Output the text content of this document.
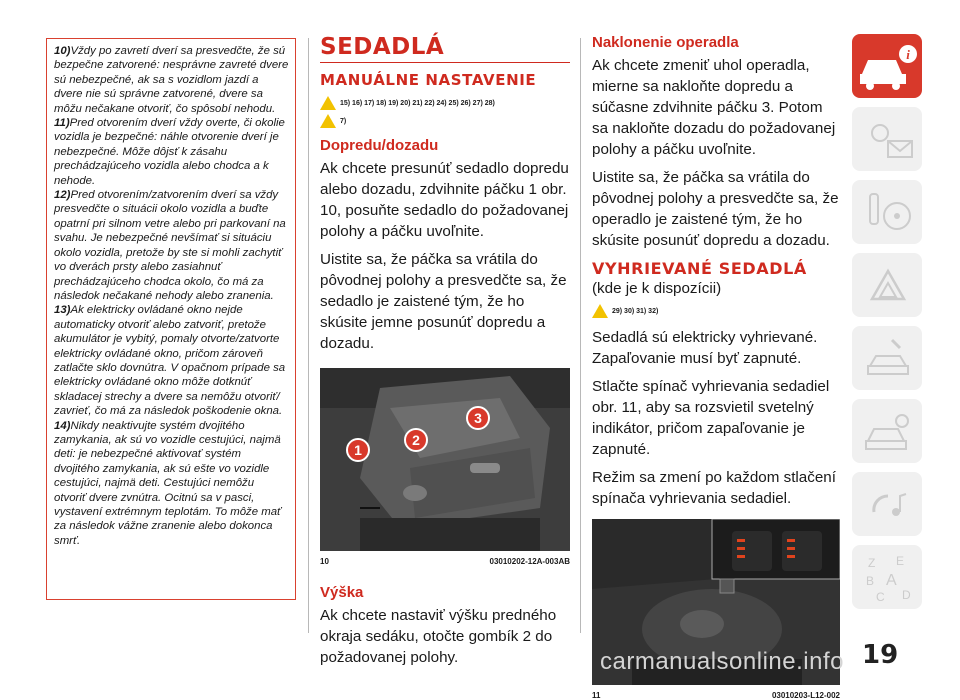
10)Vždy po zavretí dverí sa presvedčte, že sú bezpečne zatvorené: nesprávne zavreté dvere sú nebezpečné, ak sa s vozidlom jazdí a dvere nie sú správne zatvorené, dvere sa môžu nečakane otvoriť, čo spôsobí nehodu.

11)Pred otvorením dverí vždy overte, či okolie vozidla je bezpečné: náhle otvorenie dverí je nebezpečné. Môže dôjsť k zásahu prechádzajúceho vozidla alebo chodca a k nehode.

12)Pred otvorením/zatvorením dverí sa vždy presvedčte o situácii okolo vozidla a buďte opatrní pri silnom vetre alebo pri parkovaní na svahu. Je nebezpečné nevšímať si situáciu okolo vozidla, pretože by ste si mohli zachytiť vo dverách prsty alebo zasiahnuť prechádzajúceho chodca okolo, čo má za následok nečakané nehody alebo zranenia.

13)Ak elektricky ovládané okno nejde automaticky otvoriť alebo zatvoriť, pretože akumulátor je vybitý, pomaly otvorte/zatvorte elektricky ovládané okno, pričom zároveň zatlačte sklo dovnútra. V opačnom prípade sa elektricky ovládané okno môže dotknúť skladacej strechy a dvere sa nemôžu otvoriť/ zavrieť, čo má za následok poškodenie okna.

14)Nikdy neaktivujte systém dvojitého zamykania, ak sú vo vozidle cestujúci, najmä deti: je nebezpečné aktivovať systém dvojitého zamykania, ak sú ešte vo vozidle cestujúci, najmä deti. Cestujúci nemôžu otvoriť dvere zvnútra. Ocitnú sa v pasci, vystavení extrémnym teplotám. To môže mať za následok vážne zranenie alebo dokonca smrť.

SEDADLÁ
MANUÁLNE NASTAVENIE
15) 16) 17) 18) 19) 20) 21) 22) 24) 25) 26) 27) 28)
7)
Dopredu/dozadu

Ak chcete presunúť sedadlo dopredu alebo dozadu, zdvihnite páčku 1 obr. 10, posuňte sedadlo do požadovanej polohy a páčku uvoľnite.

Uistite sa, že páčka sa vrátila do pôvodnej polohy a presvedčte sa, že sedadlo je zaistené tým, že ho skúsite jemne posunúť dopredu a dozadu.

1
2
3
10	03010202-12A-003AB
Výška

Ak chcete nastaviť výšku predného okraja sedáku, otočte gombík 2 do požadovanej polohy.

Naklonenie operadla

Ak chcete zmeniť uhol operadla, mierne sa nakloňte dopredu a súčasne zdvihnite páčku 3. Potom sa nakloňte dozadu do požadovanej polohy a páčku uvoľnite.

Uistite sa, že páčka sa vrátila do pôvodnej polohy a presvedčte sa, že operadlo je zaistené tým, že ho skúsite posunúť dopredu a dozadu.

VYHRIEVANÉ SEDADLÁ

(kde je k dispozícii)

29) 30) 31) 32)

Sedadlá sú elektricky vyhrievané. Zapaľovanie musí byť zapnuté.

Stlačte spínač vyhrievania sedadiel obr. 11, aby sa rozsvietil svetelný indikátor, pričom zapaľovanie je zapnuté.

Režim sa zmení po každom stlačení spínača vyhrievania sedadiel.

11	03010203-L12-002
i
Z E
B A
C D
19
carmanualsonline.info
